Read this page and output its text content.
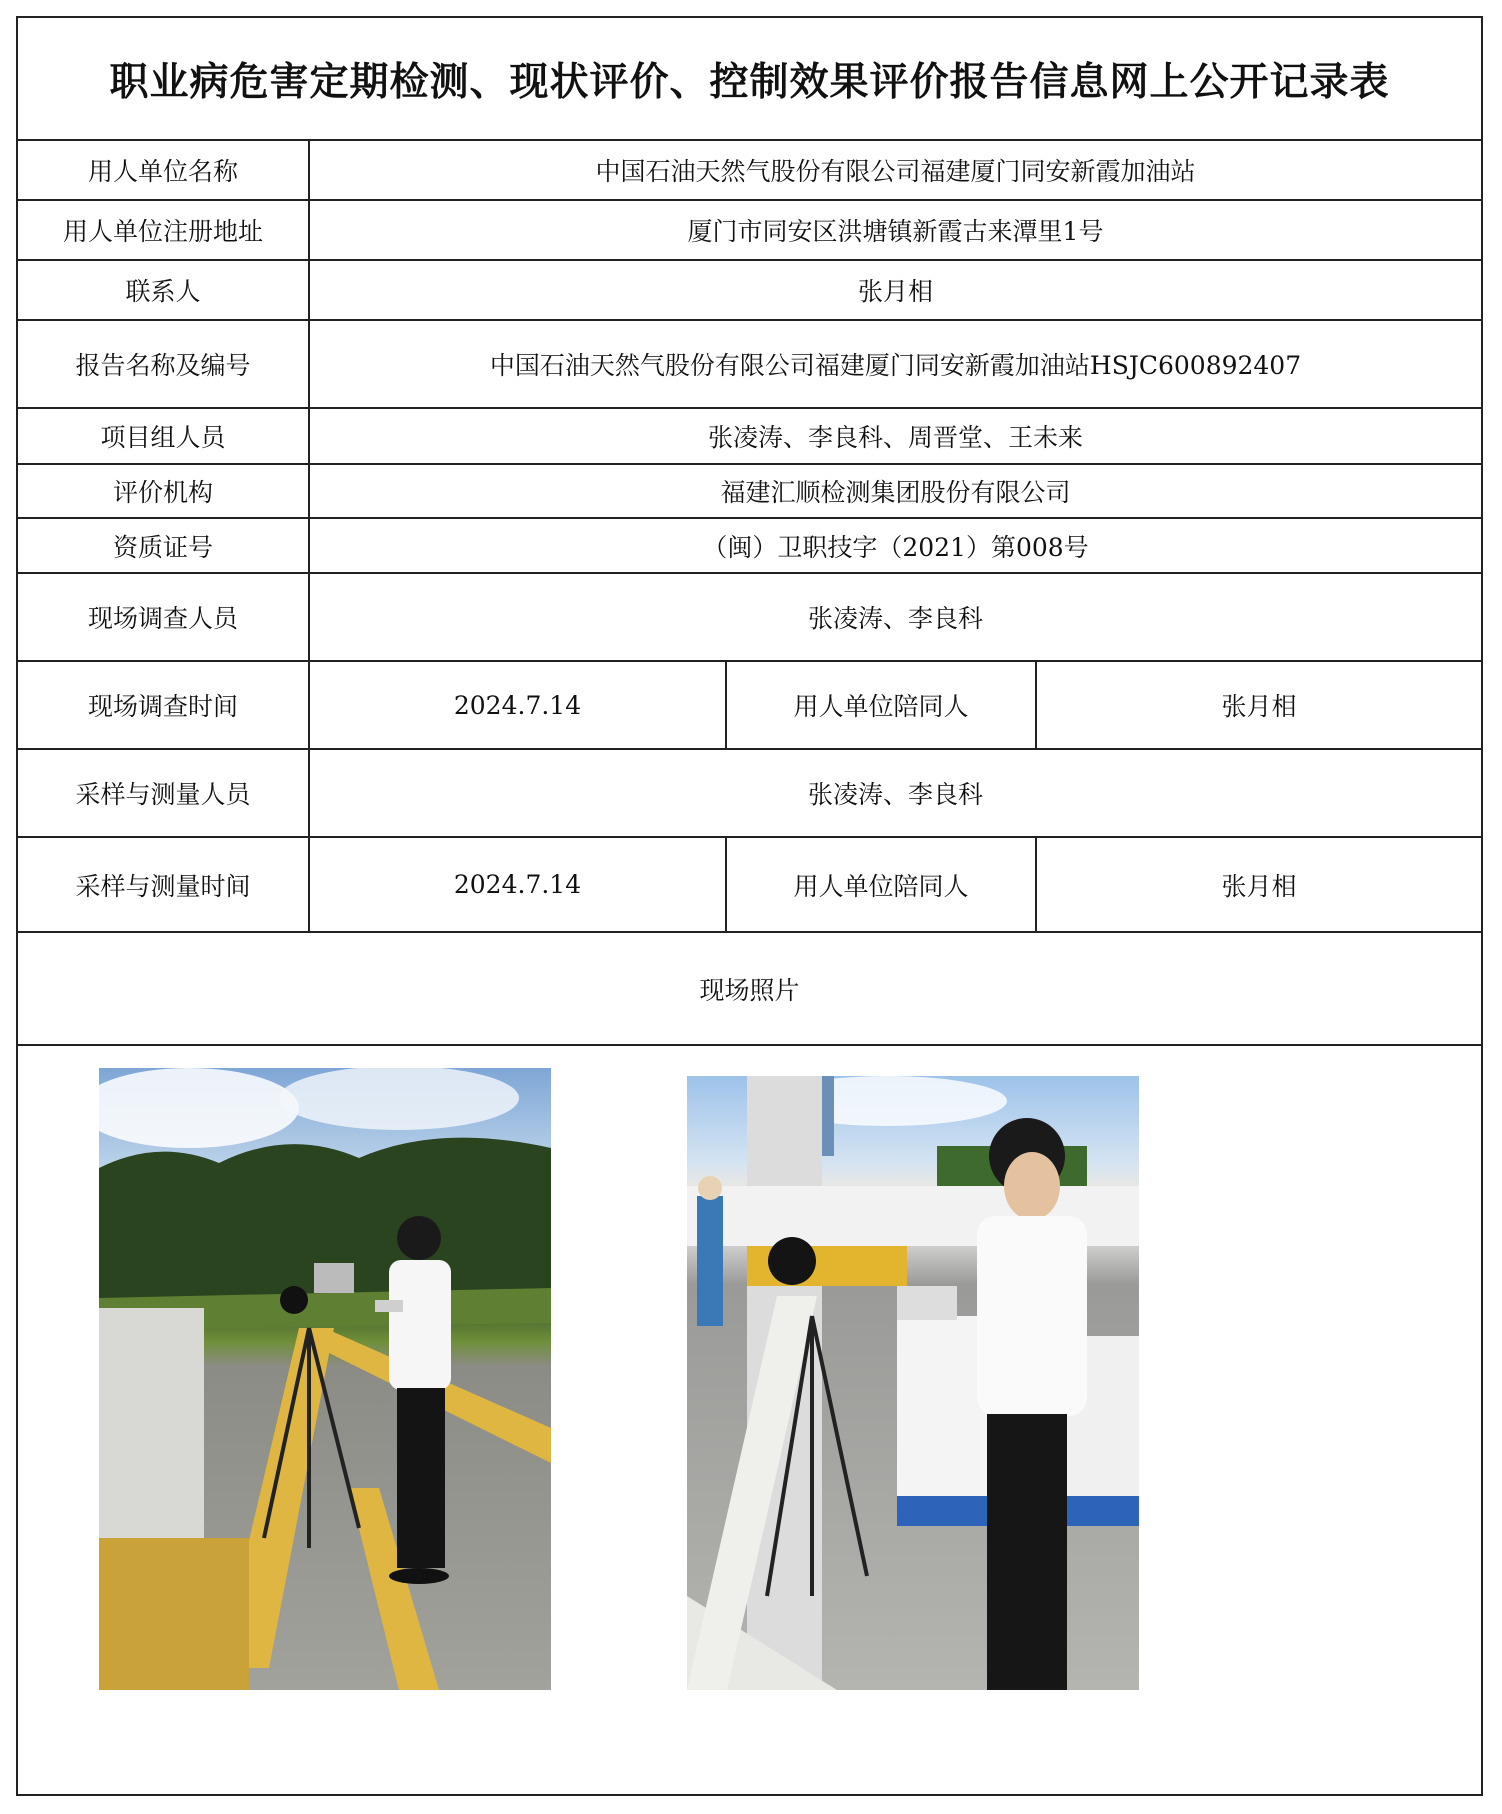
职业病危害定期检测、现状评价、控制效果评价报告信息网上公开记录表
用人单位名称	中国石油天然气股份有限公司福建厦门同安新霞加油站		
用人单位注册地址	厦门市同安区洪塘镇新霞古来潭里1号		
联系人	张月相		
报告名称及编号	中国石油天然气股份有限公司福建厦门同安新霞加油站HSJC600892407		
项目组人员	张凌涛、李良科、周晋堂、王未来		
评价机构	福建汇顺检测集团股份有限公司		
资质证号	（闽）卫职技字（2021）第008号		
现场调查人员	张凌涛、李良科		
现场调查时间	2024.7.14	用人单位陪同人	张月相
采样与测量人员	张凌涛、李良科		
采样与测量时间	2024.7.14	用人单位陪同人	张月相
现场照片			
